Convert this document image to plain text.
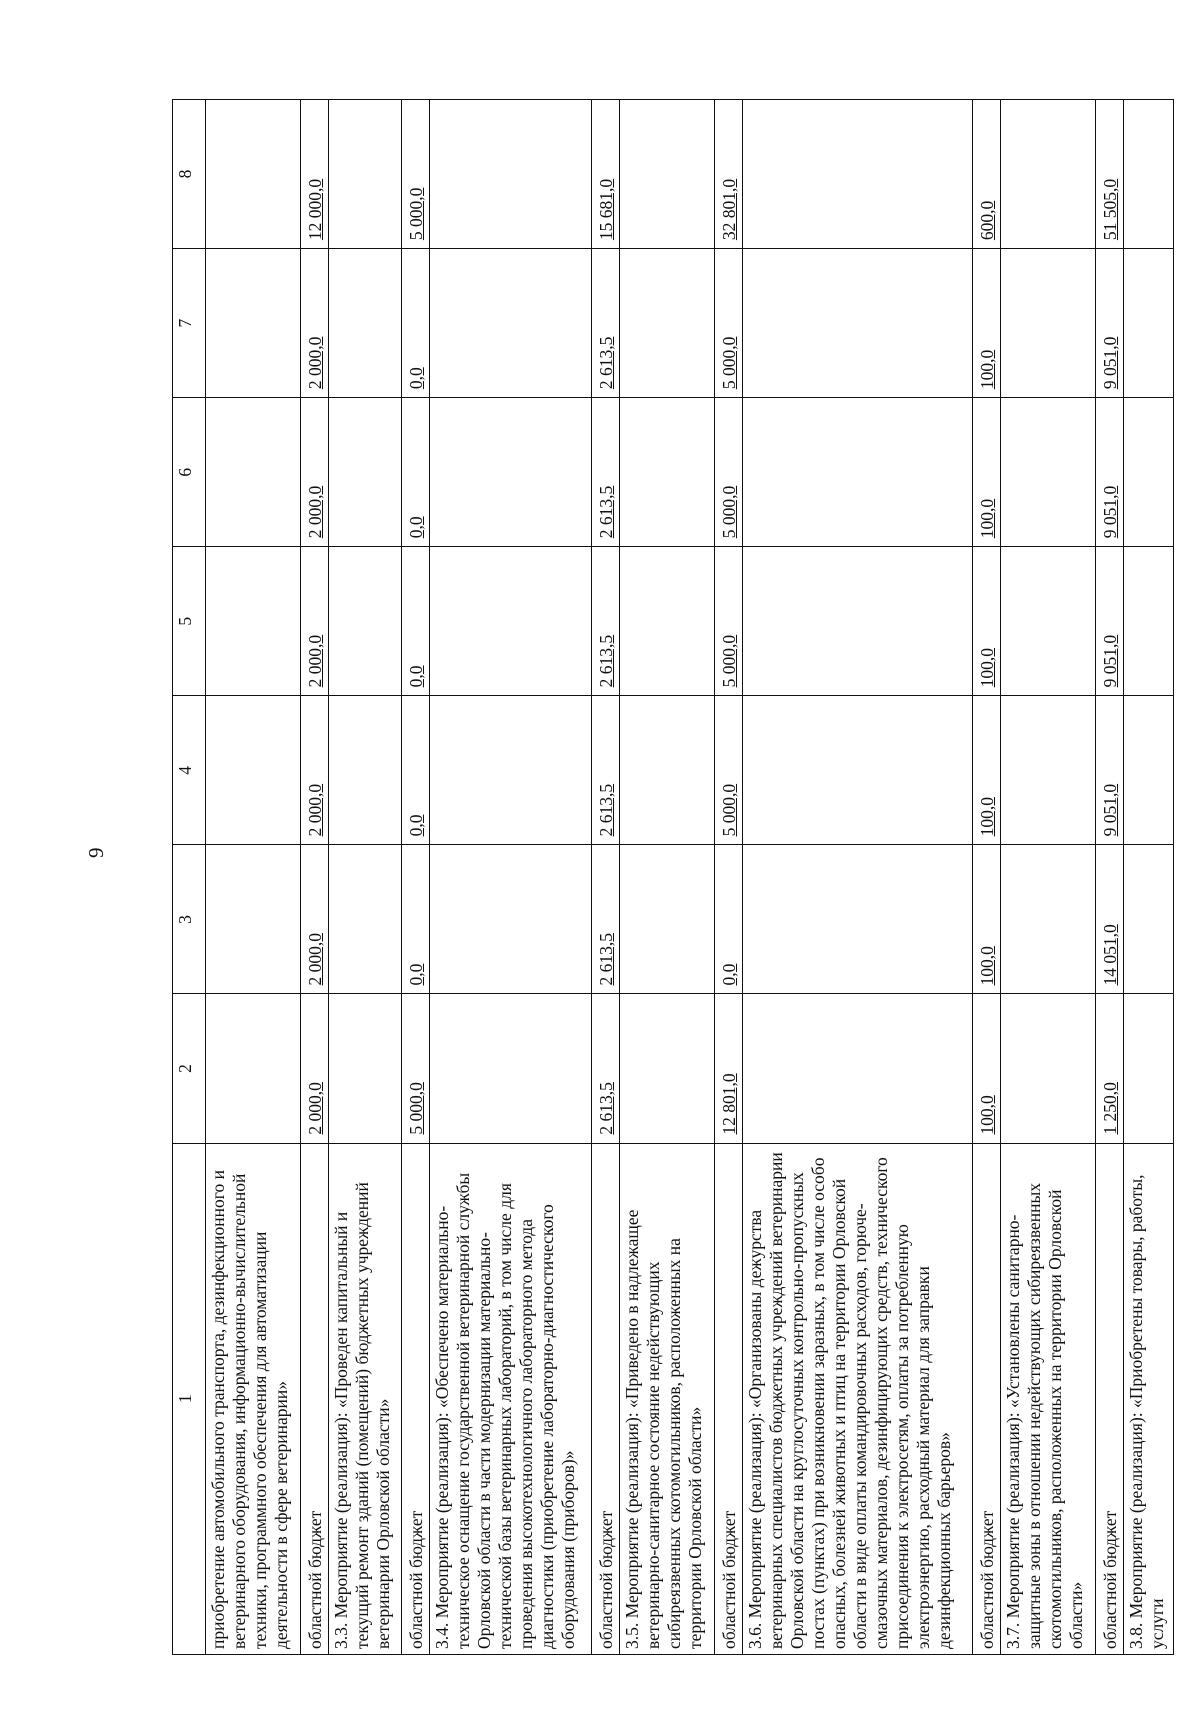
9
1	2	3	4	5	6	7	8
приобретение автомобильного транспорта, дезинфекционного и ветеринарного оборудования, информационно-вычислительной техники, программного обеспечения для автоматизации деятельности в сфере ветеринарии»							
областной бюджет	2 000,0	2 000,0	2 000,0	2 000,0	2 000,0	2 000,0	12 000,0
3.3. Мероприятие (реализация): «Проведен капитальный и текущий ремонт зданий (помещений) бюджетных учреждений ветеринарии Орловской области»							
областной бюджет	5 000,0	0,0	0,0	0,0	0,0	0,0	5 000,0
3.4. Мероприятие (реализация): «Обеспечено материально-техническое оснащение государственной ветеринарной службы Орловской области в части модернизации материально-технической базы ветеринарных лабораторий, в том числе для проведения высокотехнологичного лабораторного метода диагностики (приобретение лабораторно-диагностического оборудования (приборов)»							
областной бюджет	2 613,5	2 613,5	2 613,5	2 613,5	2 613,5	2 613,5	15 681,0
3.5. Мероприятие (реализация): «Приведено в надлежащее ветеринарно-санитарное состояние недействующих сибиреязвенных скотомогильников, расположенных на территории Орловской области»							
областной бюджет	12 801,0	0,0	5 000,0	5 000,0	5 000,0	5 000,0	32 801,0
3.6. Мероприятие (реализация): «Организованы дежурства ветеринарных специалистов бюджетных учреждений ветеринарии Орловской области на круглосуточных контрольно-пропускных постах (пунктах) при возникновении заразных, в том числе особо опасных, болезней животных и птиц на территории Орловской области в виде оплаты командировочных расходов, горюче-смазочных материалов, дезинфицирующих средств, технического присоединения к электросетям, оплаты за потребленную электроэнергию, расходный материал для заправки дезинфекционных барьеров»							
областной бюджет	100,0	100,0	100,0	100,0	100,0	100,0	600,0
3.7. Мероприятие (реализация): «Установлены санитарно-защитные зоны в отношении недействующих сибиреязвенных скотомогильников, расположенных на территории Орловской области»							
областной бюджет	1 250,0	14 051,0	9 051,0	9 051,0	9 051,0	9 051,0	51 505,0
3.8. Мероприятие (реализация): «Приобретены товары, работы, услуги							
